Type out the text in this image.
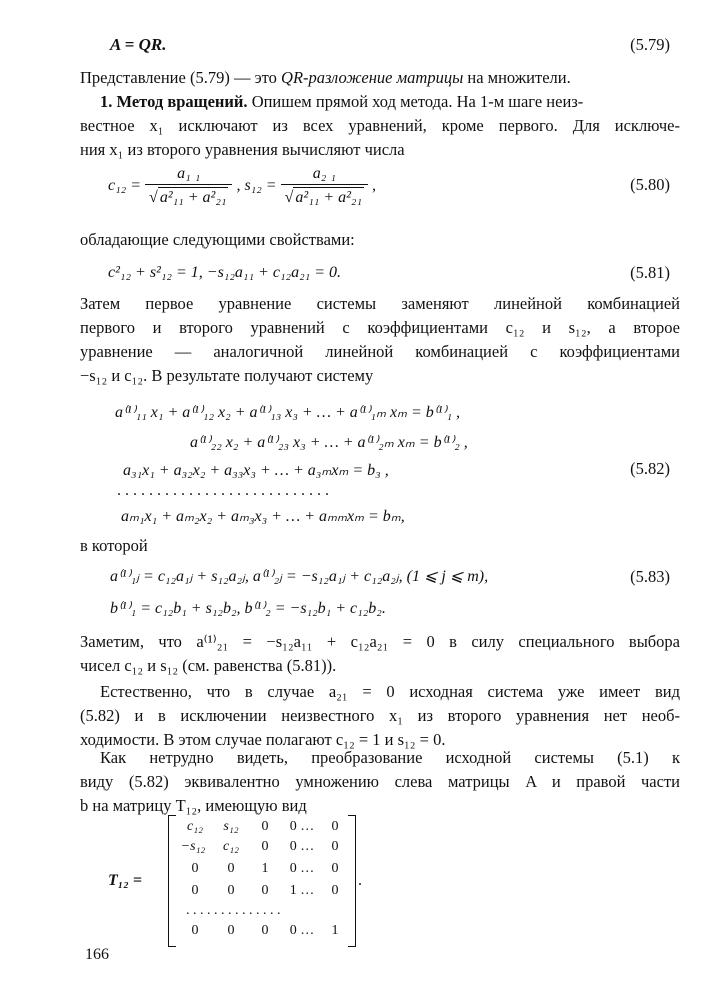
A = QR.	(5.79)
Представление (5.79) — это QR-разложение матрицы на множители.
1. Метод вращений. Опишем прямой ход метода. На 1-м шаге неиз-
вестное x₁ исключают из всех уравнений, кроме первого. Для исключе-
ния x₁ из второго уравнения вычисляют числа
$c_{12} = \frac{\text{a₁ ₁}}{\text{√ a²₁₁ + a²₂₁}}$ , $s_{12} = \frac{\text{a₂ ₁}}{\text{√ a²₁₁ + a²₂₁}}$ ,	(5.80)
обладающие следующими свойствами:
c²₁₂ + s²₁₂ = 1, −s₁₂a₁₁ + c₁₂a₂₁ = 0.	(5.81)
Затем первое уравнение системы заменяют линейной комбинацией
первого и второго уравнений с коэффициентами c₁₂ и s₁₂, а второе
уравнение — аналогичной линейной комбинацией с коэффициентами
−s₁₂ и c₁₂. В результате получают систему
a⁽¹⁾₁₁ x₁ + a⁽¹⁾₁₂ x₂ + a⁽¹⁾₁₃ x₃ + … + a⁽¹⁾₁ₘ xₘ = b⁽¹⁾₁ ,
a⁽¹⁾₂₂ x₂ + a⁽¹⁾₂₃ x₃ + … + a⁽¹⁾₂ₘ xₘ = b⁽¹⁾₂ ,
a₃₁x₁ + a₃₂x₂ + a₃₃x₃ + … + a₃ₘxₘ = b₃ ,
. . . . . . . . . . . . . . . . . . . . . . . . . . .
aₘ₁x₁ + aₘ₂x₂ + aₘ₃x₃ + … + aₘₘxₘ = bₘ,
(5.82)
в которой
a⁽¹⁾₁ⱼ = c₁₂a₁ⱼ + s₁₂a₂ⱼ, a⁽¹⁾₂ⱼ = −s₁₂a₁ⱼ + c₁₂a₂ⱼ, (1 ⩽ j ⩽ m),
b⁽¹⁾₁ = c₁₂b₁ + s₁₂b₂, b⁽¹⁾₂ = −s₁₂b₁ + c₁₂b₂.
(5.83)
Заметим, что a⁽¹⁾₂₁ = −s₁₂a₁₁ + c₁₂a₂₁ = 0 в силу специального выбора
чисел c₁₂ и s₁₂ (см. равенства (5.81)).
Естественно, что в случае a₂₁ = 0 исходная система уже имеет вид
(5.82) и в исключении неизвестного x₁ из второго уравнения нет необ-
ходимости. В этом случае полагают c₁₂ = 1 и s₁₂ = 0.
Как нетрудно видеть, преобразование исходной системы (5.1) к
виду (5.82) эквивалентно умножению слева матрицы A и правой части
b на матрицу T₁₂, имеющую вид
T₁₂ =
c₁₂	s₁₂	0	0 …	0
−s₁₂	c₁₂	0	0 …	0
0	0	1	0 …	0
0	0	0	1 …	0
. . . . . . . . . . . . . .
0	0	0	0 …	1
.
166
